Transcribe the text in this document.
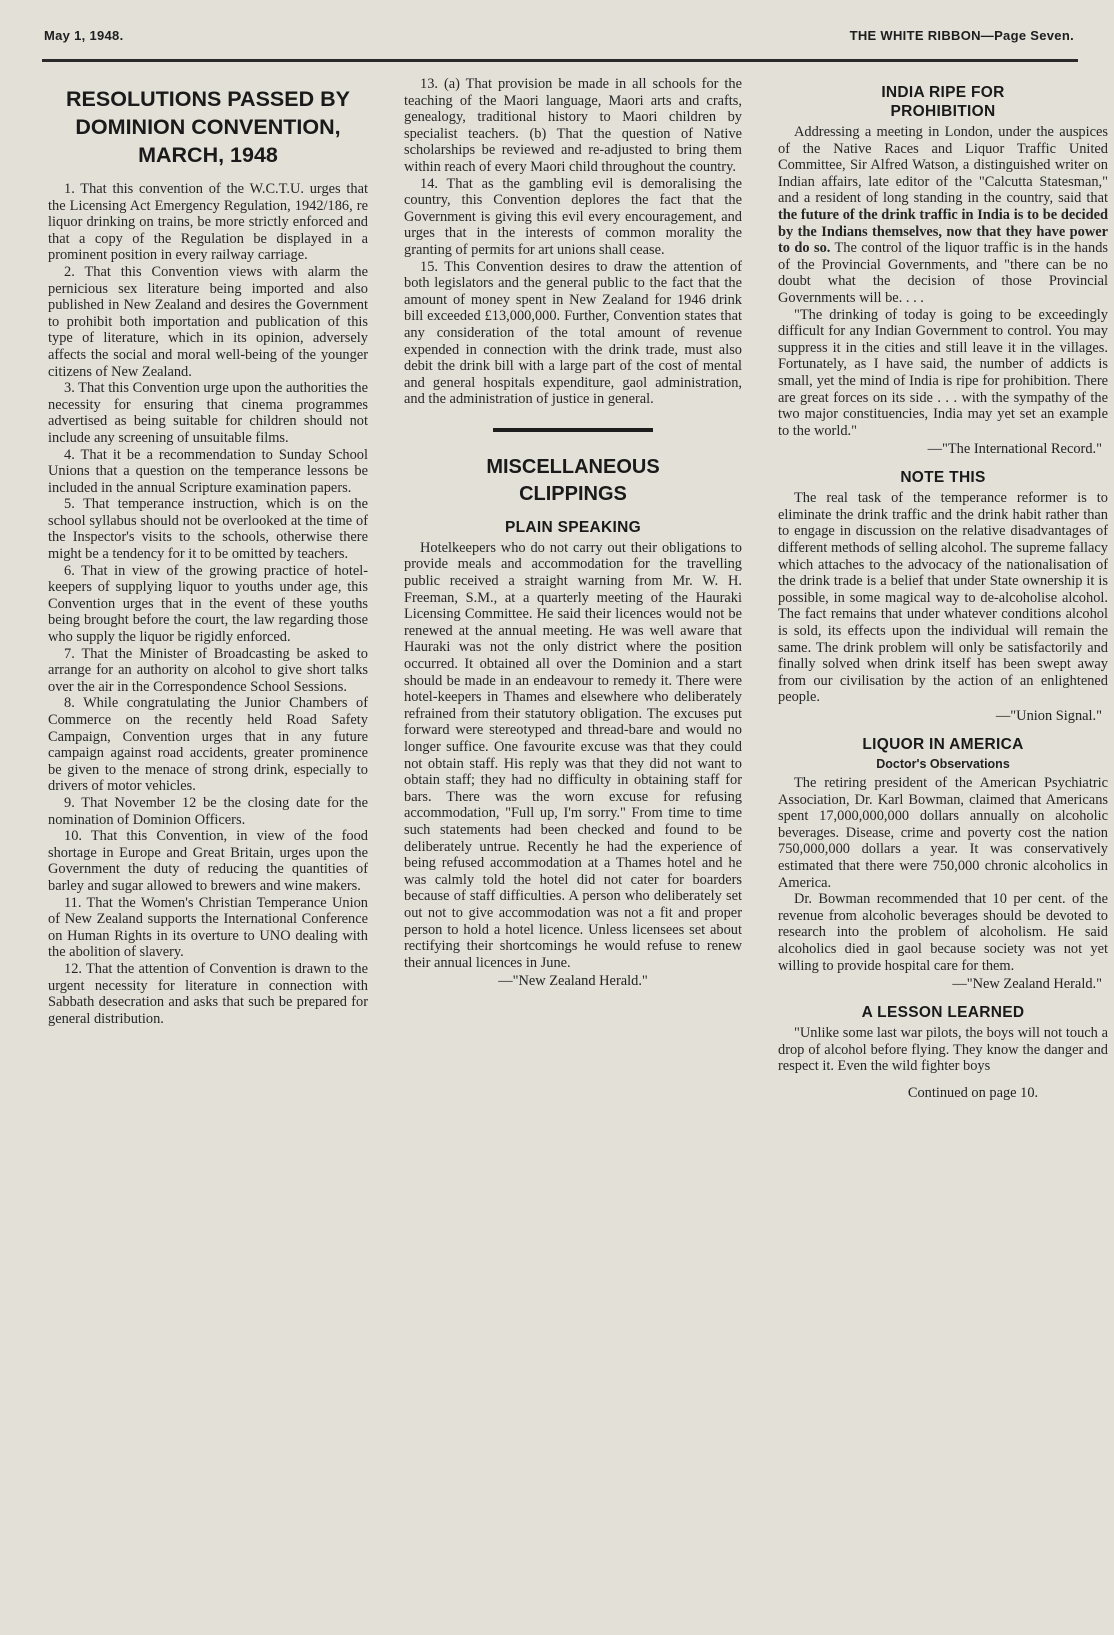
May 1, 1948.	THE WHITE RIBBON—Page Seven.
RESOLUTIONS PASSED BY
DOMINION CONVENTION,
MARCH, 1948

1. That this convention of the W.C.T.U. urges that the Licensing Act Emergency Regulation, 1942/186, re liquor drinking on trains, be more strictly enforced and that a copy of the Regulation be displayed in a prominent position in every railway carriage.

2. That this Convention views with alarm the pernicious sex literature being imported and also published in New Zealand and desires the Government to prohibit both importation and publication of this type of literature, which in its opinion, adversely affects the social and moral well-being of the younger citizens of New Zealand.

3. That this Convention urge upon the authorities the necessity for ensuring that cinema programmes advertised as being suitable for children should not include any screening of unsuitable films.

4. That it be a recommendation to Sunday School Unions that a question on the temperance lessons be included in the annual Scripture examination papers.

5. That temperance instruction, which is on the school syllabus should not be overlooked at the time of the Inspector's visits to the schools, otherwise there might be a tendency for it to be omitted by teachers.

6. That in view of the growing practice of hotel-keepers of supplying liquor to youths under age, this Convention urges that in the event of these youths being brought before the court, the law regarding those who supply the liquor be rigidly enforced.

7. That the Minister of Broadcasting be asked to arrange for an authority on alcohol to give short talks over the air in the Correspondence School Sessions.

8. While congratulating the Junior Chambers of Commerce on the recently held Road Safety Campaign, Convention urges that in any future campaign against road accidents, greater prominence be given to the menace of strong drink, especially to drivers of motor vehicles.

9. That November 12 be the closing date for the nomination of Dominion Officers.

10. That this Convention, in view of the food shortage in Europe and Great Britain, urges upon the Government the duty of reducing the quantities of barley and sugar allowed to brewers and wine makers.

11. That the Women's Christian Temperance Union of New Zealand supports the International Conference on Human Rights in its overture to UNO dealing with the abolition of slavery.

12. That the attention of Convention is drawn to the urgent necessity for literature in connection with Sabbath desecration and asks that such be prepared for general distribution.

13. (a) That provision be made in all schools for the teaching of the Maori language, Maori arts and crafts, genealogy, traditional history to Maori children by specialist teachers. (b) That the question of Native scholarships be reviewed and re-adjusted to bring them within reach of every Maori child throughout the country.

14. That as the gambling evil is demoralising the country, this Convention deplores the fact that the Government is giving this evil every encouragement, and urges that in the interests of common morality the granting of permits for art unions shall cease.

15. This Convention desires to draw the attention of both legislators and the general public to the fact that the amount of money spent in New Zealand for 1946 drink bill exceeded £13,000,000. Further, Convention states that any consideration of the total amount of revenue expended in connection with the drink trade, must also debit the drink bill with a large part of the cost of mental and general hospitals expenditure, gaol administration, and the administration of justice in general.

MISCELLANEOUS
CLIPPINGS
PLAIN SPEAKING

Hotelkeepers who do not carry out their obligations to provide meals and accommodation for the travelling public received a straight warning from Mr. W. H. Freeman, S.M., at a quarterly meeting of the Hauraki Licensing Committee. He said their licences would not be renewed at the annual meeting. He was well aware that Hauraki was not the only district where the position occurred. It obtained all over the Dominion and a start should be made in an endeavour to remedy it. There were hotel-keepers in Thames and elsewhere who deliberately refrained from their statutory obligation. The excuses put forward were stereotyped and thread-bare and would no longer suffice. One favourite excuse was that they could not obtain staff. His reply was that they did not want to obtain staff; they had no difficulty in obtaining staff for bars. There was the worn excuse for refusing accommodation, "Full up, I'm sorry." From time to time such statements had been checked and found to be deliberately untrue. Recently he had the experience of being refused accommodation at a Thames hotel and he was calmly told the hotel did not cater for boarders because of staff difficulties. A person who deliberately set out not to give accommodation was not a fit and proper person to hold a hotel licence. Unless licensees set about rectifying their shortcomings he would refuse to renew their annual licences in June.

—"New Zealand Herald."

INDIA RIPE FOR
PROHIBITION

Addressing a meeting in London, under the auspices of the Native Races and Liquor Traffic United Committee, Sir Alfred Watson, a distinguished writer on Indian affairs, late editor of the "Calcutta Statesman," and a resident of long standing in the country, said that the future of the drink traffic in India is to be decided by the Indians themselves, now that they have power to do so. The control of the liquor traffic is in the hands of the Provincial Governments, and "there can be no doubt what the decision of those Provincial Governments will be. . . .

"The drinking of today is going to be exceedingly difficult for any Indian Government to control. You may suppress it in the cities and still leave it in the villages. Fortunately, as I have said, the number of addicts is small, yet the mind of India is ripe for prohibition. There are great forces on its side . . . with the sympathy of the two major constituencies, India may yet set an example to the world."

—"The International Record."

NOTE THIS

The real task of the temperance reformer is to eliminate the drink traffic and the drink habit rather than to engage in discussion on the relative disadvantages of different methods of selling alcohol. The supreme fallacy which attaches to the advocacy of the nationalisation of the drink trade is a belief that under State ownership it is possible, in some magical way to de-alcoholise alcohol. The fact remains that under whatever conditions alcohol is sold, its effects upon the individual will remain the same. The drink problem will only be satisfactorily and finally solved when drink itself has been swept away from our civilisation by the action of an enlightened people.

—"Union Signal."

LIQUOR IN AMERICA
Doctor's Observations

The retiring president of the American Psychiatric Association, Dr. Karl Bowman, claimed that Americans spent 17,000,000,000 dollars annually on alcoholic beverages. Disease, crime and poverty cost the nation 750,000,000 dollars a year. It was conservatively estimated that there were 750,000 chronic alcoholics in America.

Dr. Bowman recommended that 10 per cent. of the revenue from alcoholic beverages should be devoted to research into the problem of alcoholism. He said alcoholics died in gaol because society was not yet willing to provide hospital care for them.

—"New Zealand Herald."

A LESSON LEARNED

"Unlike some last war pilots, the boys will not touch a drop of alcohol before flying. They know the danger and respect it. Even the wild fighter boys

Continued on page 10.
